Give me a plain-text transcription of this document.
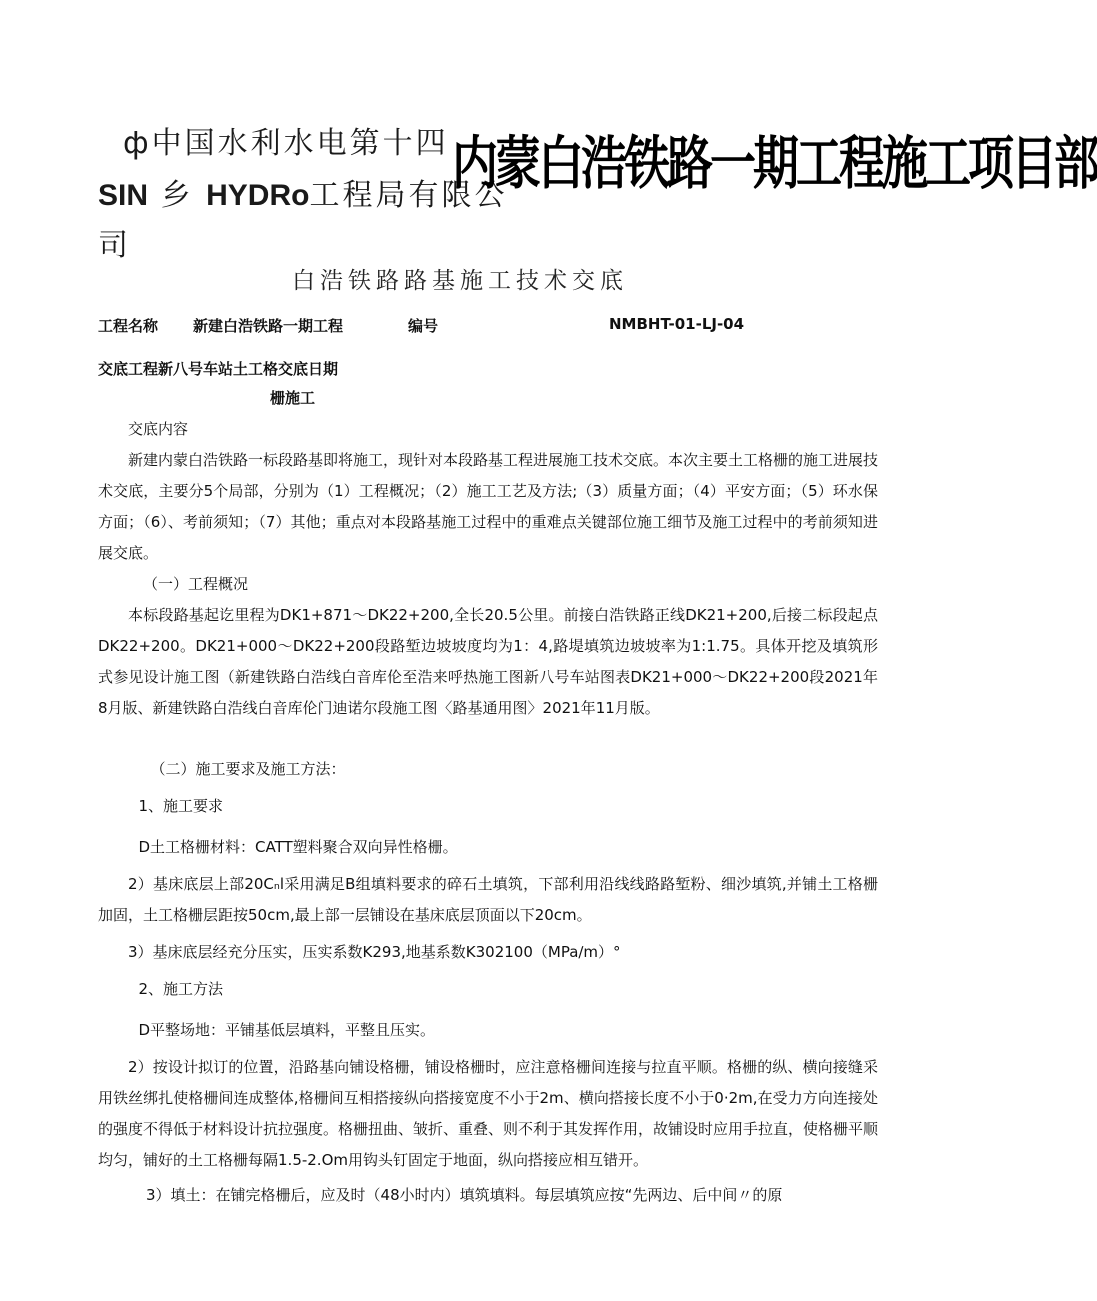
ф中国水利水电第十四
SIN 乡 HYDRo工程局有限公
司
内蒙白浩铁路一期工程施工项目部
白浩铁路路基施工技术交底
工程名称 新建白浩铁路一期工程	编号	NMBHT-01-LJ-04
交底工程新八号车站土工格交底日期
栅施工

交底内容

新建内蒙白浩铁路一标段路基即将施工，现针对本段路基工程进展施工技术交底。本次主要土工格栅的施工进展技术交底，主要分5个局部，分别为（1）工程概况；（2）施工工艺及方法;（3）质量方面；（4）平安方面；（5）环水保方面；（6）、考前须知；（7）其他；重点对本段路基施工过程中的重难点关键部位施工细节及施工过程中的考前须知进展交底。

（一）工程概况

本标段路基起讫里程为DK1+871～DK22+200,全长20.5公里。前接白浩铁路正线DK21+200,后接二标段起点DK22+200。DK21+000～DK22+200段路堑边坡坡度均为1：4,路堤填筑边坡坡率为1:1.75。具体开挖及填筑形式参见设计施工图（新建铁路白浩线白音库伦至浩来呼热施工图新八号车站图表DK21+000～DK22+200段2021年8月版、新建铁路白浩线白音库伦门迪诺尔段施工图〈路基通用图〉2021年11月版。

（二）施工要求及施工方法：

1、施工要求

D土工格栅材料：CATT塑料聚合双向异性格栅。

2）基床底层上部20Cₙl采用满足B组填料要求的碎石土填筑，下部利用沿线线路路堑粉、细沙填筑,并铺土工格栅加固，土工格栅层距按50cm,最上部一层铺设在基床底层顶面以下20cm。

3）基床底层经充分压实，压实系数K293,地基系数K302100（MPa∕m）°

2、施工方法

D平整场地：平铺基低层填料，平整且压实。

2）按设计拟订的位置，沿路基向铺设格栅，铺设格栅时，应注意格栅间连接与拉直平顺。格栅的纵、横向接缝采用铁丝绑扎使格栅间连成整体,格栅间互相搭接纵向搭接宽度不小于2m、横向搭接长度不小于0·2m,在受力方向连接处的强度不得低于材料设计抗拉强度。格栅扭曲、皱折、重叠、则不利于其发挥作用，故铺设时应用手拉直，使格栅平顺均匀，铺好的土工格栅每隔1.5-2.Om用钩头钉固定于地面，纵向搭接应相互错开。

3）填土：在铺完格栅后，应及时（48小时内）填筑填料。每层填筑应按“先两边、后中间〃的原
